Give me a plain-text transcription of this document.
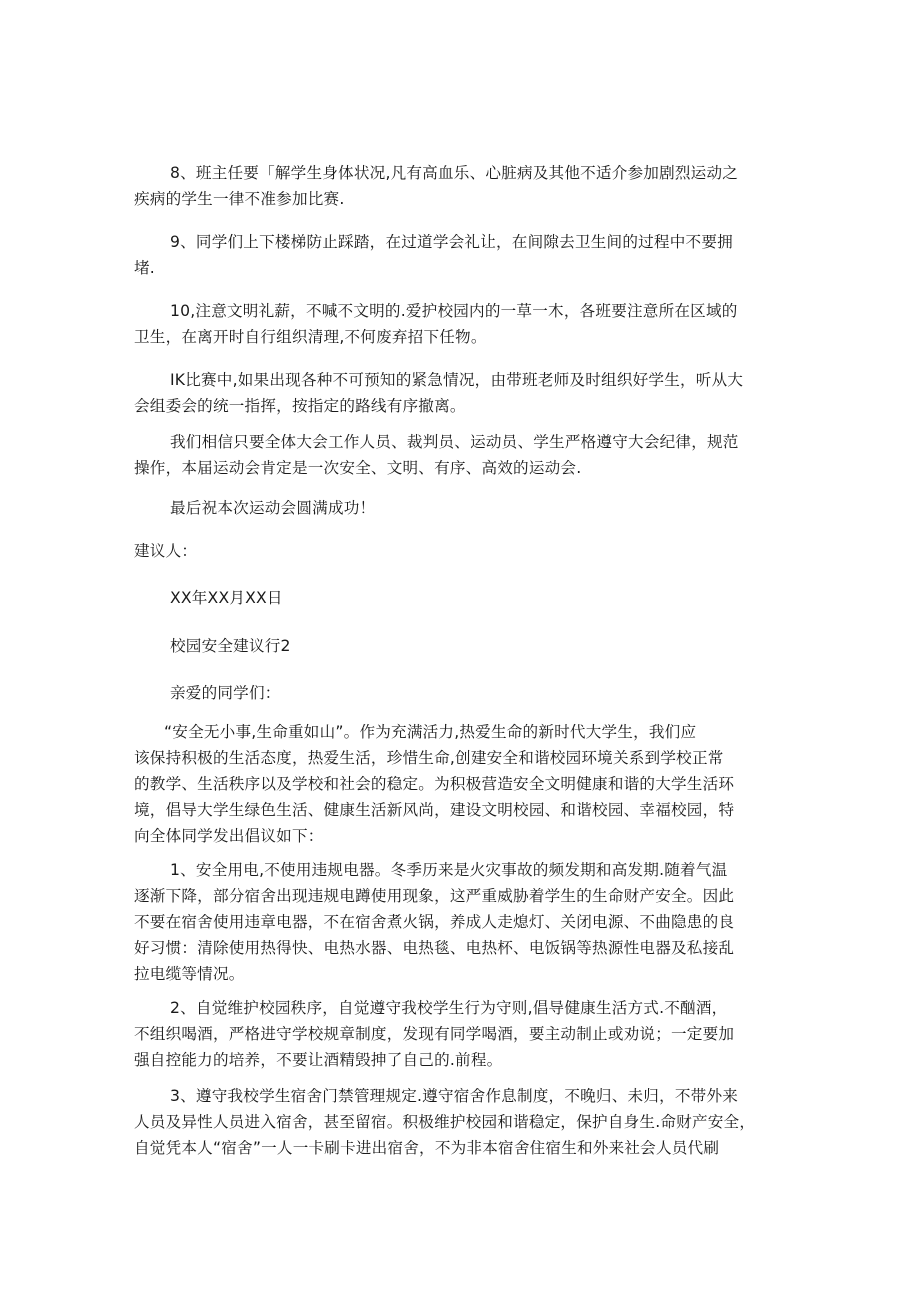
8、班主任要「解学生身体状况,凡有高血乐、心脏病及其他不适介参加剧烈运动之
疾病的学生一律不准参加比赛.

9、同学们上下楼梯防止踩踏，在过道学会礼让，在间隙去卫生间的过程中不要拥
堵.

10,注意文明礼薪，不喊不文明的.爱护校园内的一草一木，各班要注意所在区域的
卫生，在离开时自行组织清理,不何废弃招下任物。

IK比赛中,如果出现各种不可预知的紧急情况，由带班老师及时组织好学生，听从大
会组委会的统一指挥，按指定的路线有序撤离。

我们相信只要全体大会工作人员、裁判员、运动员、学生严格遵守大会纪律，规范
操作，本届运动会肯定是一次安全、文明、有序、高效的运动会.

最后祝本次运动会圆满成功！

建议人：

XX年XX月XX日

校园安全建议行2

亲爱的同学们：

“安全无小事,生命重如山”。作为充满活力,热爱生命的新时代大学生，我们应
该保持积极的生活态度，热爱生活，珍惜生命,创建安全和谐校园环境关系到学校正常
的教学、生活秩序以及学校和社会的稳定。为积极营造安全文明健康和谐的大学生活环
境，倡导大学生绿色生活、健康生活新风尚，建设文明校园、和谐校园、幸福校园，特
向全体同学发出倡议如下：

1、安全用电,不使用违规电器。冬季历来是火灾事故的频发期和高发期.随着气温
逐渐下降，部分宿舍出现违规电蹲使用现象，这严重威胁着学生的生命财产安全。因此
不要在宿舍使用违章电器，不在宿舍煮火锅，养成人走熄灯、关闭电源、不曲隐患的良
好习惯：清除使用热得快、电热水器、电热毯、电热杯、电饭锅等热源性电器及私接乱
拉电缆等情况。

2、自觉维护校园秩序，自觉遵守我校学生行为守则,倡导健康生活方式.不酗酒，
不组织喝酒，严格进守学校规章制度，发现有同学喝酒，要主动制止或劝说；一定要加
强自控能力的培养，不要让酒精毁抻了自己的.前程。

3、遵守我校学生宿舍门禁管理规定.遵守宿舍作息制度，不晚归、未归，不带外来
人员及异性人员进入宿舍，甚至留宿。积极维护校园和谐稳定，保护自身生.命财产安全，
自觉凭本人“宿舍”一人一卡刷卡进出宿舍，不为非本宿舍住宿生和外来社会人员代刷
